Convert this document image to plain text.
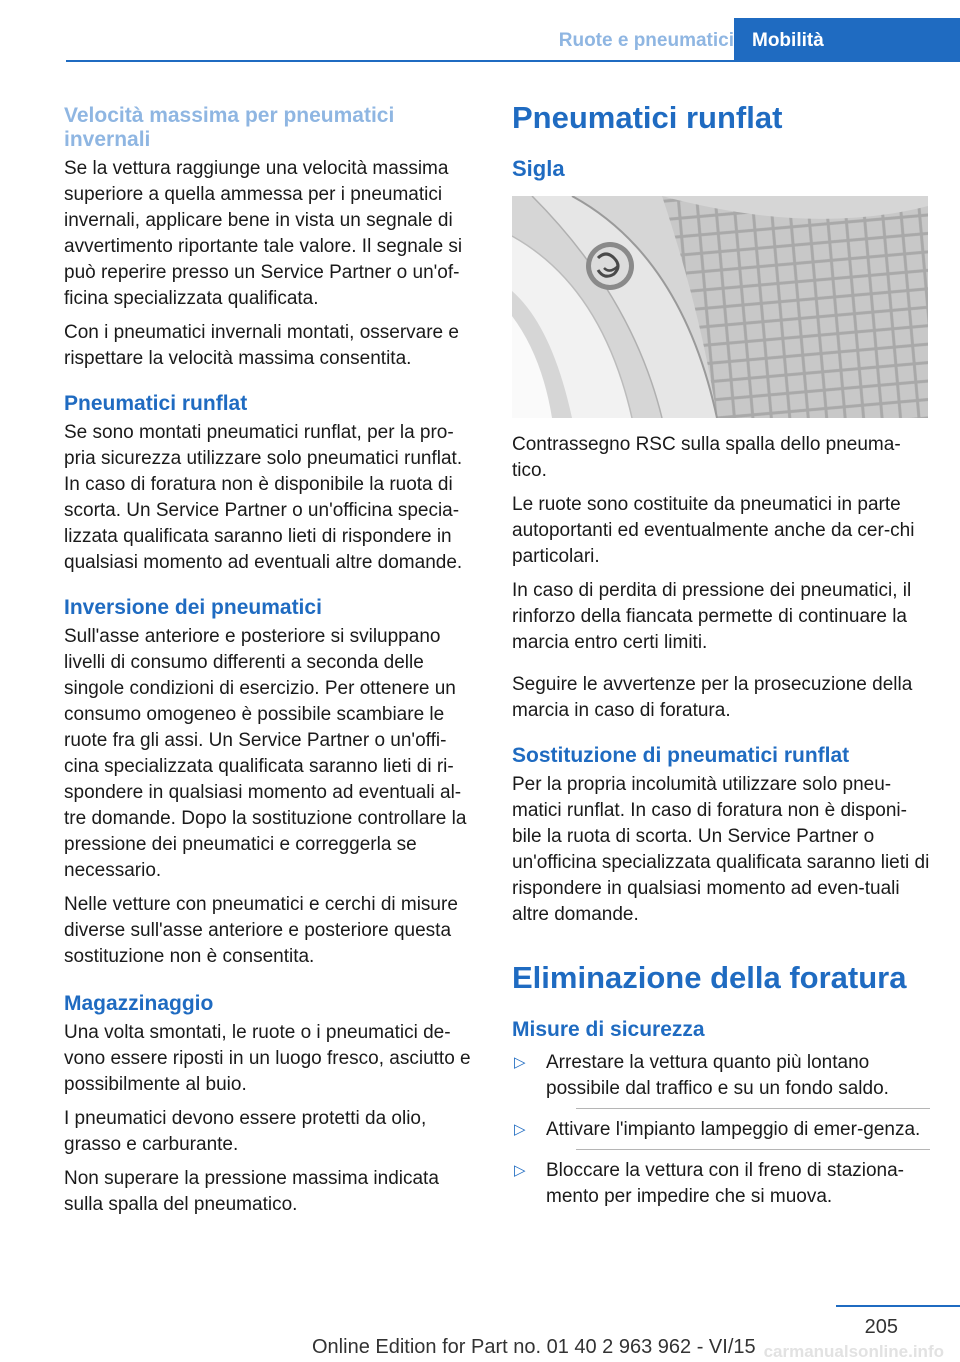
Ruote e pneumatici Mobilità
Velocità massima per pneumatici invernali

Se la vettura raggiunge una velocità massima superiore a quella ammessa per i pneumatici invernali, applicare bene in vista un segnale di avvertimento riportante tale valore. Il segnale si può reperire presso un Service Partner o un'of‐ficina specializzata qualificata.

Con i pneumatici invernali montati, osservare e rispettare la velocità massima consentita.

Pneumatici runflat

Se sono montati pneumatici runflat, per la pro‐pria sicurezza utilizzare solo pneumatici runflat. In caso di foratura non è disponibile la ruota di scorta. Un Service Partner o un'officina specia‐lizzata qualificata saranno lieti di rispondere in qualsiasi momento ad eventuali altre domande.

Inversione dei pneumatici

Sull'asse anteriore e posteriore si sviluppano livelli di consumo differenti a seconda delle singole condizioni di esercizio. Per ottenere un consumo omogeneo è possibile scambiare le ruote fra gli assi. Un Service Partner o un'offi‐cina specializzata qualificata saranno lieti di ri‐spondere in qualsiasi momento ad eventuali al‐tre domande. Dopo la sostituzione controllare la pressione dei pneumatici e correggerla se necessario.

Nelle vetture con pneumatici e cerchi di misure diverse sull'asse anteriore e posteriore questa sostituzione non è consentita.

Magazzinaggio

Una volta smontati, le ruote o i pneumatici de‐vono essere riposti in un luogo fresco, asciutto e possibilmente al buio.

I pneumatici devono essere protetti da olio, grasso e carburante.

Non superare la pressione massima indicata sulla spalla del pneumatico.

Pneumatici runflat
Sigla

Contrassegno RSC sulla spalla dello pneuma‐tico.

Le ruote sono costituite da pneumatici in parte autoportanti ed eventualmente anche da cer‐chi particolari.

In caso di perdita di pressione dei pneumatici, il rinforzo della fiancata permette di continuare la marcia entro certi limiti.

Seguire le avvertenze per la prosecuzione della marcia in caso di foratura.

Sostituzione di pneumatici runflat

Per la propria incolumità utilizzare solo pneu‐matici runflat. In caso di foratura non è disponi‐bile la ruota di scorta. Un Service Partner o un'officina specializzata qualificata saranno lieti di rispondere in qualsiasi momento ad even‐tuali altre domande.

Eliminazione della foratura
Misure di sicurezza
▷ Arrestare la vettura quanto più lontano possibile dal traffico e su un fondo saldo.
▷ Attivare l'impianto lampeggio di emer‐genza.
▷ Bloccare la vettura con il freno di staziona‐mento per impedire che si muova.
205
Online Edition for Part no. 01 40 2 963 962 - VI/15 carmanualsonline.info
